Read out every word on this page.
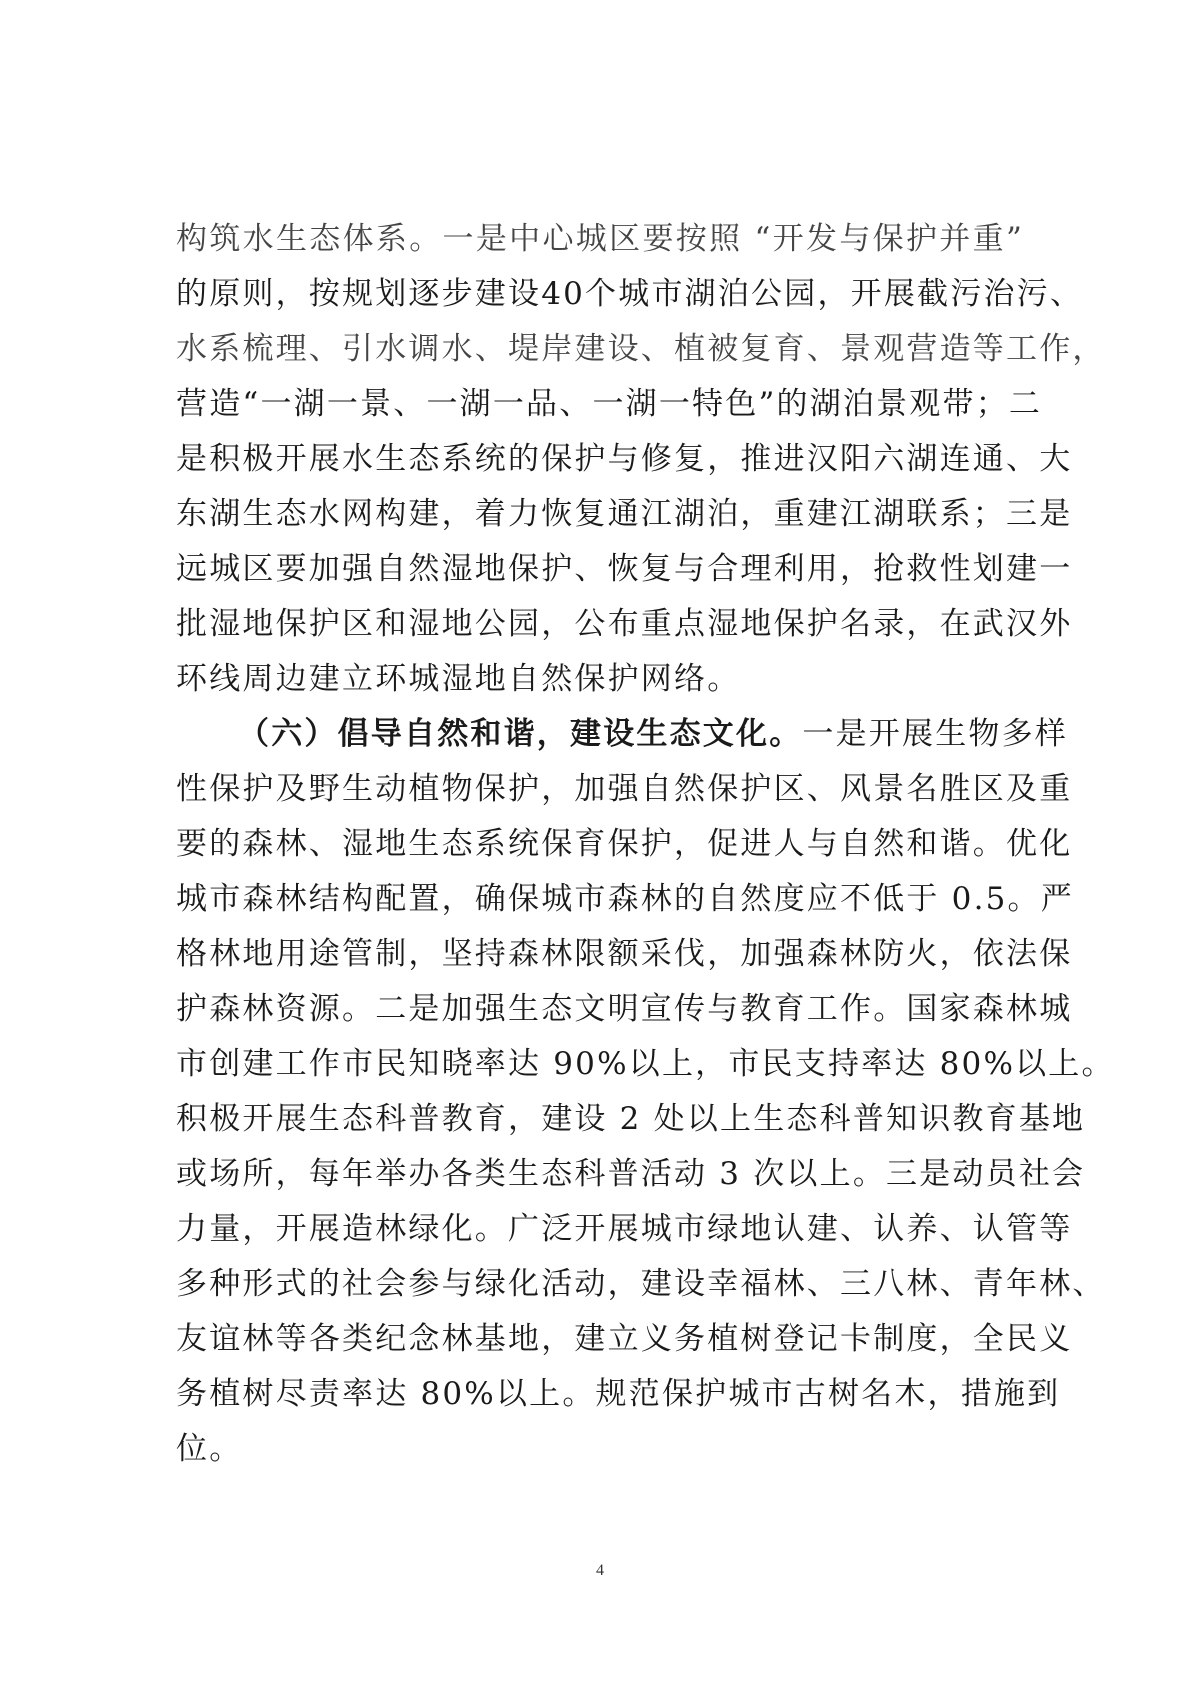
构筑水生态体系。一是中心城区要按照 “开发与保护并重”
的原则，按规划逐步建设40个城市湖泊公园，开展截污治污、
水系梳理、引水调水、堤岸建设、植被复育、景观营造等工作，
营造“一湖一景、一湖一品、一湖一特色”的湖泊景观带；二
是积极开展水生态系统的保护与修复，推进汉阳六湖连通、大
东湖生态水网构建，着力恢复通江湖泊，重建江湖联系；三是
远城区要加强自然湿地保护、恢复与合理利用，抢救性划建一
批湿地保护区和湿地公园，公布重点湿地保护名录，在武汉外
环线周边建立环城湿地自然保护网络。
（六）倡导自然和谐，建设生态文化。一是开展生物多样
性保护及野生动植物保护，加强自然保护区、风景名胜区及重
要的森林、湿地生态系统保育保护，促进人与自然和谐。优化
城市森林结构配置，确保城市森林的自然度应不低于 0.5。严
格林地用途管制，坚持森林限额采伐，加强森林防火，依法保
护森林资源。二是加强生态文明宣传与教育工作。国家森林城
市创建工作市民知晓率达 90%以上，市民支持率达 80%以上。
积极开展生态科普教育，建设 2 处以上生态科普知识教育基地
或场所，每年举办各类生态科普活动 3 次以上。三是动员社会
力量，开展造林绿化。广泛开展城市绿地认建、认养、认管等
多种形式的社会参与绿化活动，建设幸福林、三八林、青年林、
友谊林等各类纪念林基地，建立义务植树登记卡制度，全民义
务植树尽责率达 80%以上。规范保护城市古树名木，措施到
位。
4
